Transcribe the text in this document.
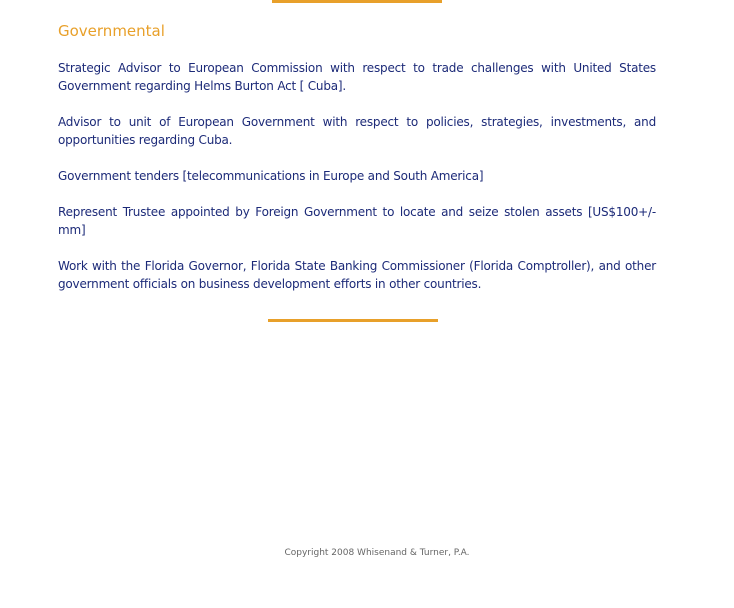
Governmental

Strategic Advisor to European Commission with respect to trade challenges with United States Government regarding Helms Burton Act [ Cuba].

Advisor to unit of European Government with respect to policies, strategies, investments, and opportunities regarding Cuba.

Government tenders [telecommunications in Europe and South America]

Represent Trustee appointed by Foreign Government to locate and seize stolen assets [US$100+/-mm]

Work with the Florida Governor, Florida State Banking Commissioner (Florida Comptroller), and other government officials on business development efforts in other countries.

Copyright 2008 Whisenand & Turner, P.A.
